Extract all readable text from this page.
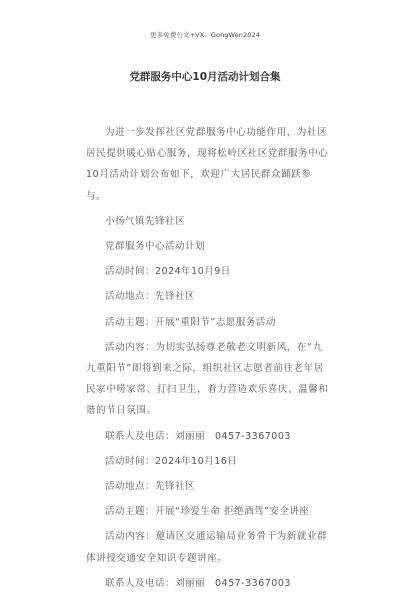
更多免费公文+VX：GongWen2024
党群服务中心10月活动计划合集

为进一步发挥社区党群服务中心功能作用，为社区居民提供暖心贴心服务，现将松岭区社区党群服务中心10月活动计划公布如下，欢迎广大居民群众踊跃参与。

小扬气镇先锋社区

党群服务中心活动计划

活动时间：2024年10月9日

活动地点：先锋社区

活动主题：开展“重阳节”志愿服务活动

活动内容：为切实弘扬尊老敬老文明新风，在“九九重阳节”即将到来之际，组织社区志愿者前往老年居民家中唠家常、打扫卫生，着力营造欢乐喜庆、温馨和谐的节日氛围。

联系人及电话：刘丽丽　0457-3367003

活动时间：2024年10月16日

活动地点：先锋社区

活动主题：开展“珍爱生命 拒绝酒驾”安全讲座

活动内容：邀请区交通运输局业务骨干为新就业群体讲授交通安全知识专题讲座。

联系人及电话：刘丽丽　0457-3367003
